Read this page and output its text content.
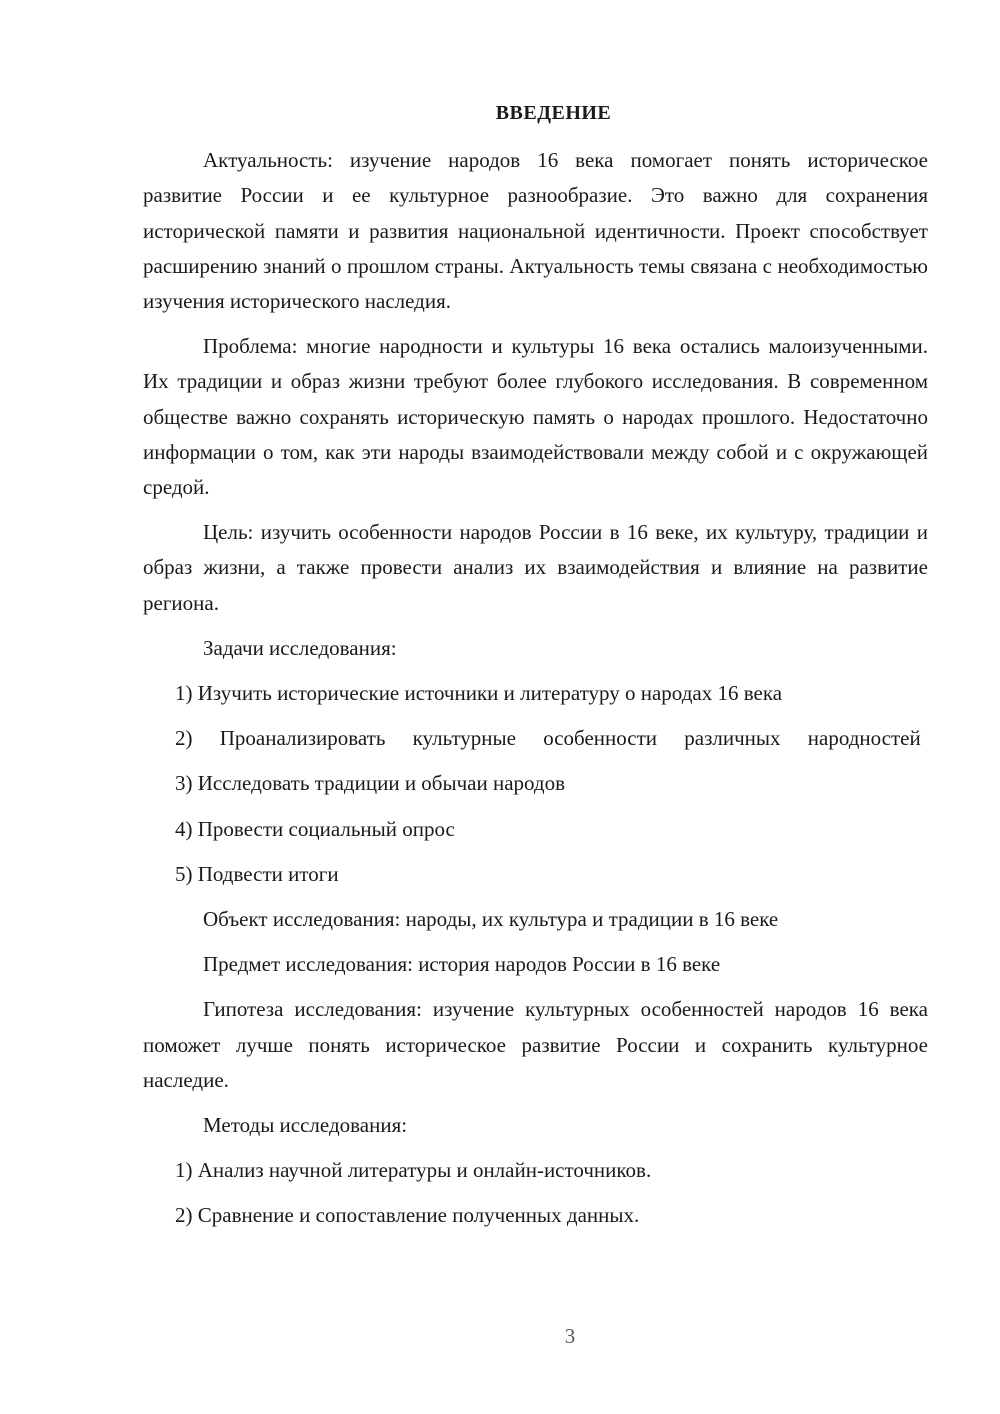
ВВЕДЕНИЕ

Актуальность: изучение народов 16 века помогает понять историческое развитие России и ее культурное разнообразие. Это важно для сохранения исторической памяти и развития национальной идентичности. Проект способствует расширению знаний о прошлом страны. Актуальность темы связана с необходимостью изучения исторического наследия.

Проблема: многие народности и культуры 16 века остались малоизученными. Их традиции и образ жизни требуют более глубокого исследования. В современном обществе важно сохранять историческую память о народах прошлого. Недостаточно информации о том, как эти народы взаимодействовали между собой и с окружающей средой.

Цель: изучить особенности народов России в 16 веке, их культуру, традиции и образ жизни, а также провести анализ их взаимодействия и влияние на развитие региона.

Задачи исследования:

1) Изучить исторические источники и литературу о народах 16 века

2) Проанализировать культурные особенности различных народностей

3) Исследовать традиции и обычаи народов

4) Провести социальный опрос

5) Подвести итоги

Объект исследования: народы, их культура и традиции в 16 веке

Предмет исследования: история народов России в 16 веке

Гипотеза исследования: изучение культурных особенностей народов 16 века поможет лучше понять историческое развитие России и сохранить культурное наследие.

Методы исследования:

1) Анализ научной литературы и онлайн-источников.

2) Сравнение и сопоставление полученных данных.

3
